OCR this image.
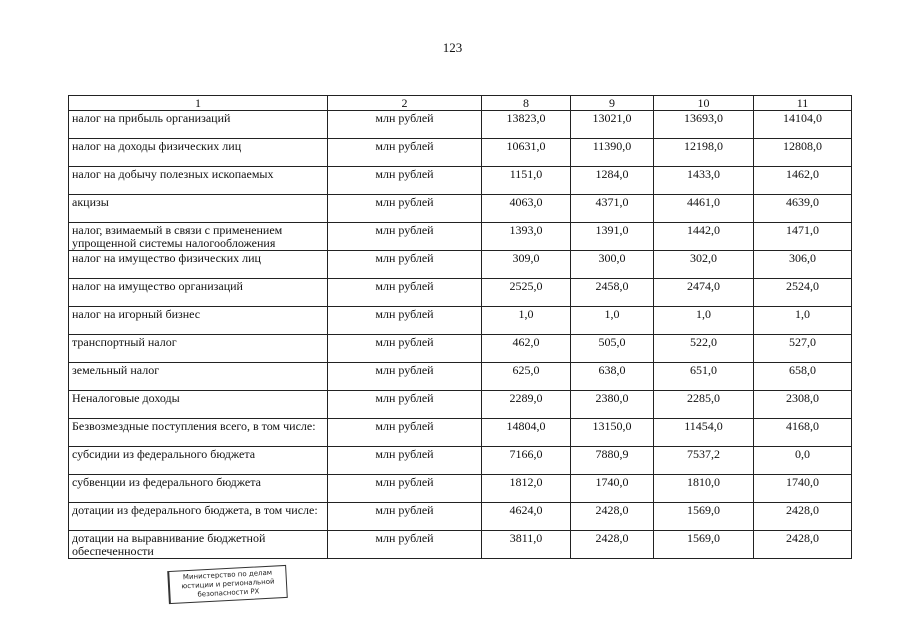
123
1	2	8	9	10	11
налог на прибыль организаций	млн рублей	13823,0	13021,0	13693,0	14104,0
налог на доходы физических лиц	млн рублей	10631,0	11390,0	12198,0	12808,0
налог на добычу полезных ископаемых	млн рублей	1151,0	1284,0	1433,0	1462,0
акцизы	млн рублей	4063,0	4371,0	4461,0	4639,0
налог, взимаемый в связи с применением упрощенной системы налогообложения	млн рублей	1393,0	1391,0	1442,0	1471,0
налог на имущество физических лиц	млн рублей	309,0	300,0	302,0	306,0
налог на имущество организаций	млн рублей	2525,0	2458,0	2474,0	2524,0
налог на игорный бизнес	млн рублей	1,0	1,0	1,0	1,0
транспортный налог	млн рублей	462,0	505,0	522,0	527,0
земельный налог	млн рублей	625,0	638,0	651,0	658,0
Неналоговые доходы	млн рублей	2289,0	2380,0	2285,0	2308,0
Безвозмездные поступления всего, в том числе:	млн рублей	14804,0	13150,0	11454,0	4168,0
субсидии из федерального бюджета	млн рублей	7166,0	7880,9	7537,2	0,0
субвенции из федерального бюджета	млн рублей	1812,0	1740,0	1810,0	1740,0
дотации из федерального бюджета, в том числе:	млн рублей	4624,0	2428,0	1569,0	2428,0
дотации на выравнивание бюджетной обеспеченности	млн рублей	3811,0	2428,0	1569,0	2428,0
Министерство по делам
юстиции и региональной
безопасности РХ
